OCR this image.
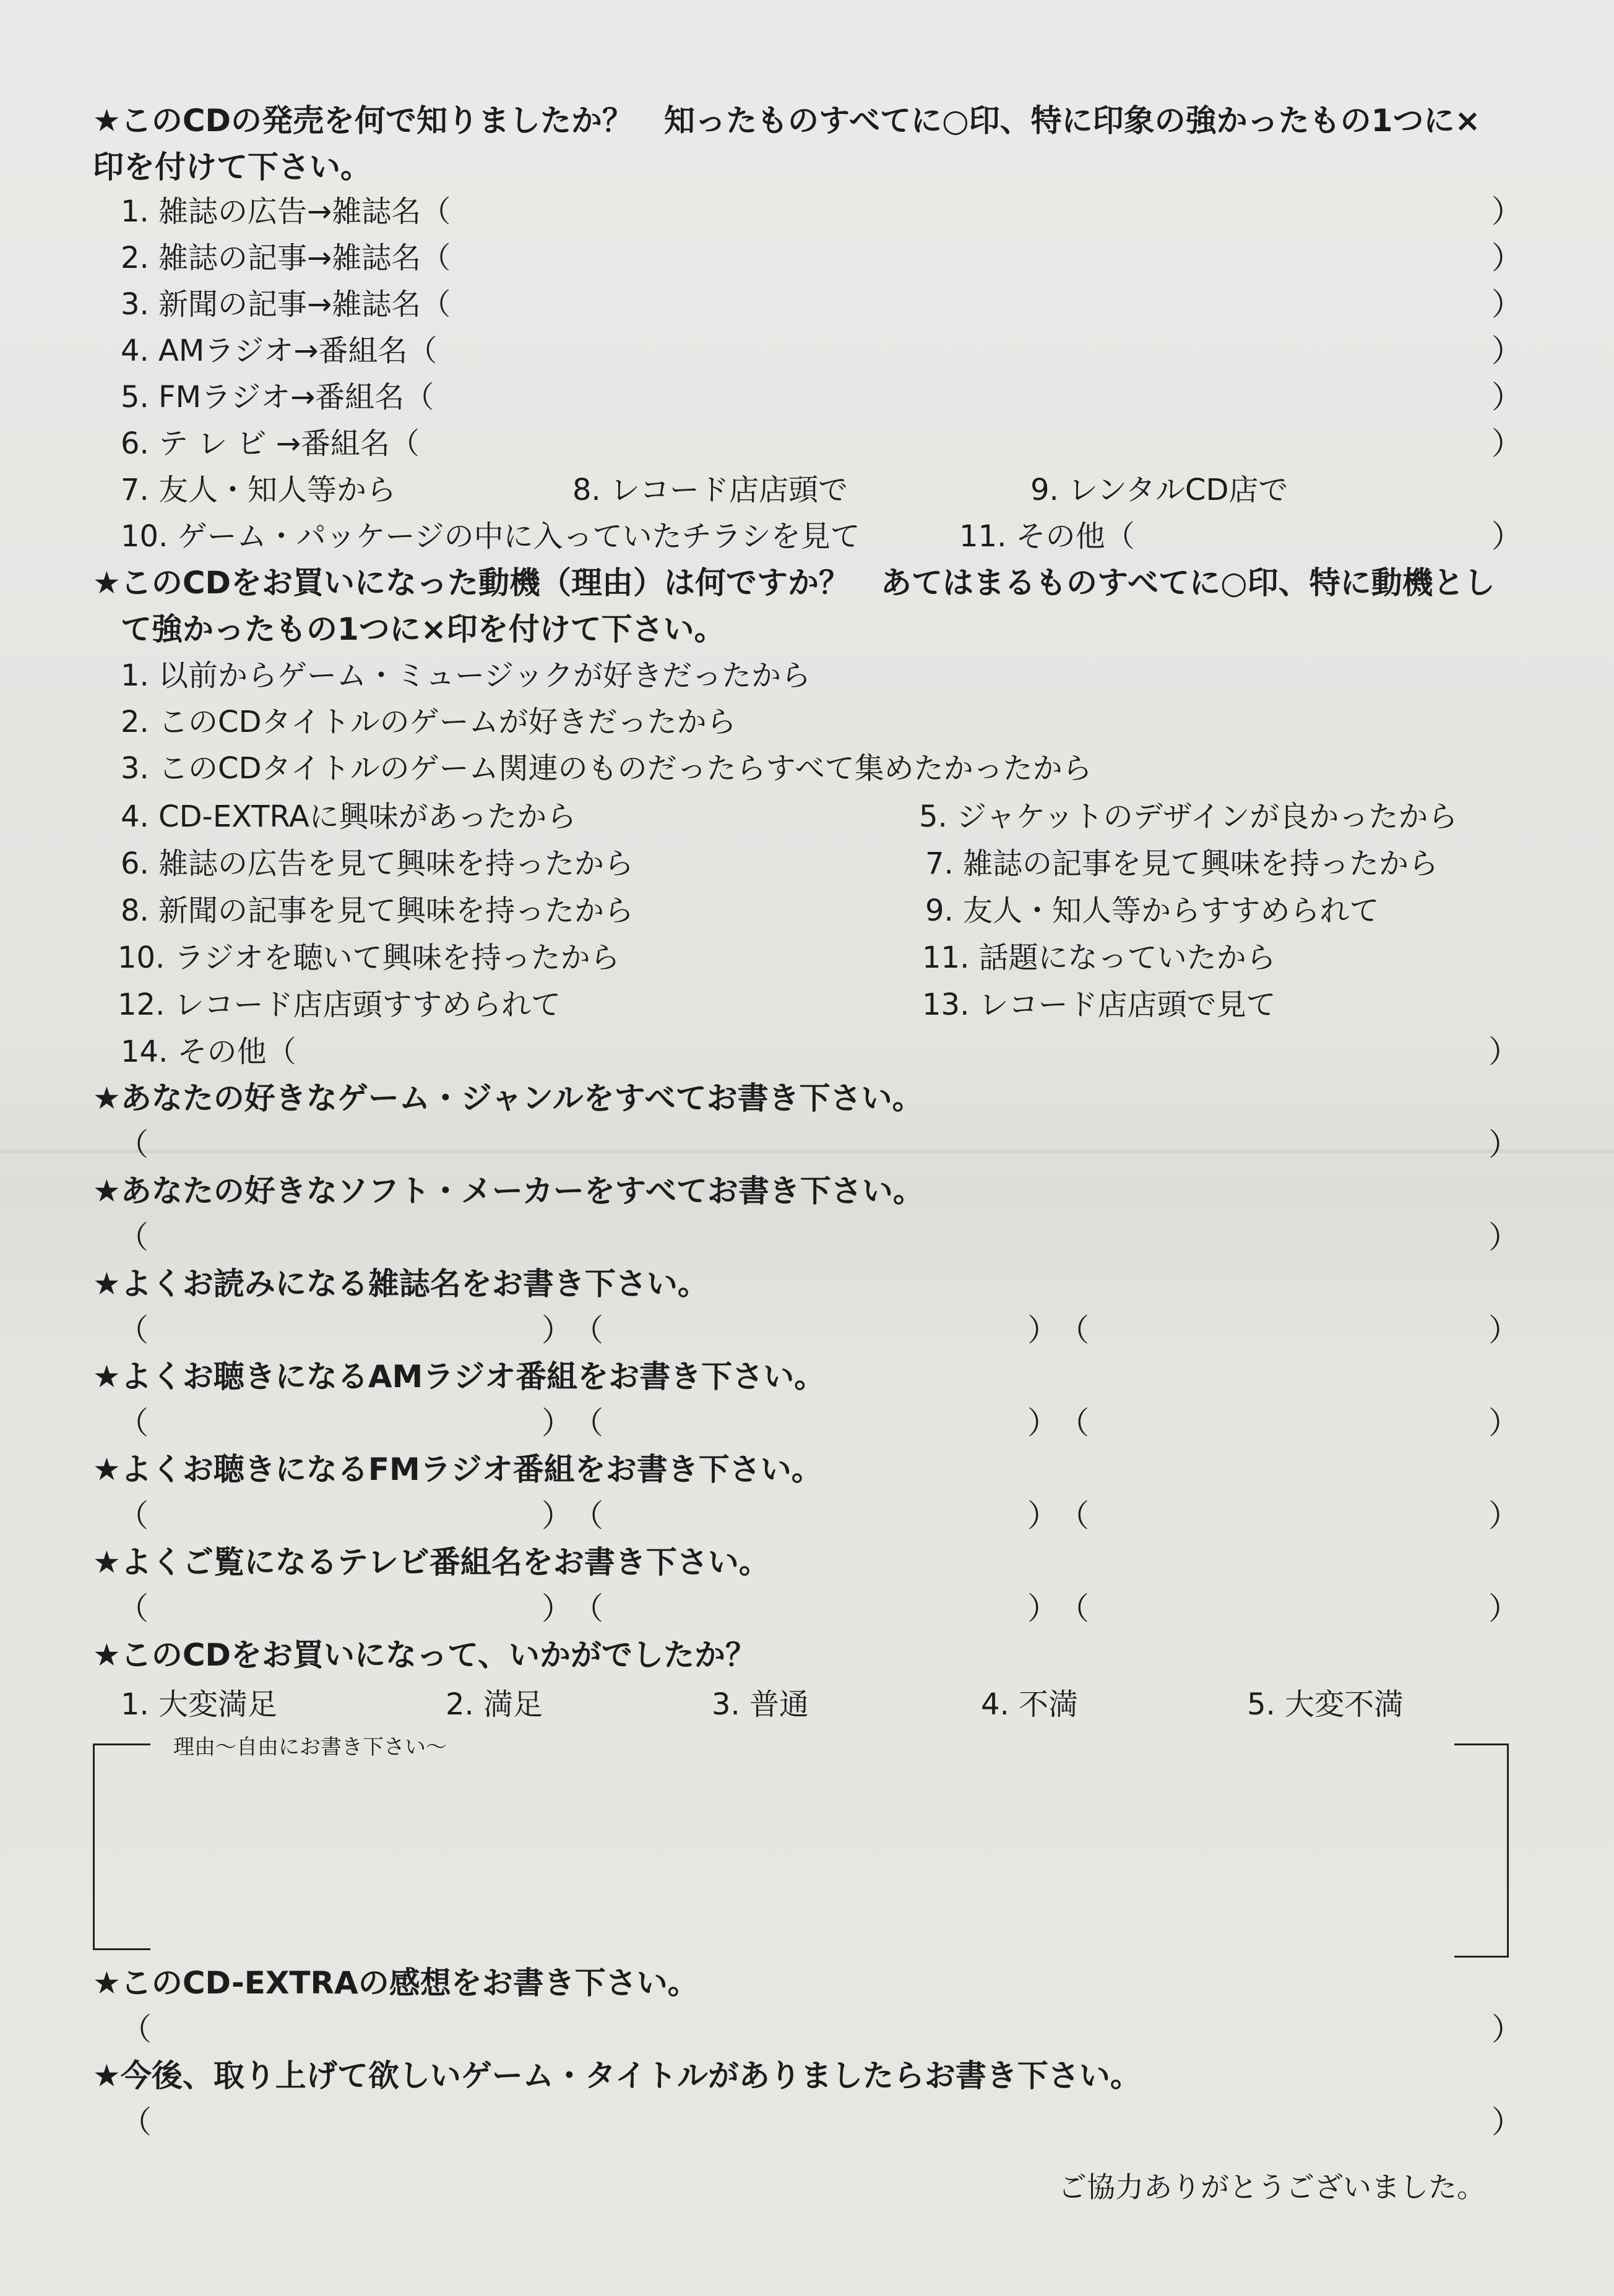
★このCDの発売を何で知りましたか？　知ったものすべてに○印、特に印象の強かったもの1つに×
印を付けて下さい。
1. 雑誌の広告→雑誌名（	）
2. 雑誌の記事→雑誌名（	）
3. 新聞の記事→雑誌名（	）
4. AMラジオ→番組名（	）
5. FMラジオ→番組名（	）
6. テ レ ビ →番組名（	）
7. 友人・知人等から	8. レコード店店頭で	9. レンタルCD店で
10. ゲーム・パッケージの中に入っていたチラシを見て	11. その他（	）
★このCDをお買いになった動機（理由）は何ですか？　あてはまるものすべてに○印、特に動機とし
て強かったもの1つに×印を付けて下さい。
1. 以前からゲーム・ミュージックが好きだったから
2. このCDタイトルのゲームが好きだったから
3. このCDタイトルのゲーム関連のものだったらすべて集めたかったから
4. CD-EXTRAに興味があったから	5. ジャケットのデザインが良かったから
6. 雑誌の広告を見て興味を持ったから	7. 雑誌の記事を見て興味を持ったから
8. 新聞の記事を見て興味を持ったから	9. 友人・知人等からすすめられて
10. ラジオを聴いて興味を持ったから	11. 話題になっていたから
12. レコード店店頭すすめられて	13. レコード店店頭で見て
14. その他（	）
★あなたの好きなゲーム・ジャンルをすべてお書き下さい。
（	）
★あなたの好きなソフト・メーカーをすべてお書き下さい。
（	）
★よくお読みになる雑誌名をお書き下さい。
（	） （	） （	）
★よくお聴きになるAMラジオ番組をお書き下さい。
（	） （	） （	）
★よくお聴きになるFMラジオ番組をお書き下さい。
（	） （	） （	）
★よくご覧になるテレビ番組名をお書き下さい。
（	） （	） （	）
★このCDをお買いになって、いかがでしたか？
1. 大変満足	2. 満足	3. 普通	4. 不満	5. 大変不満
理由〜自由にお書き下さい〜
★このCD-EXTRAの感想をお書き下さい。
（	）
★今後、取り上げて欲しいゲーム・タイトルがありましたらお書き下さい。
（	）
ご協力ありがとうございました。
